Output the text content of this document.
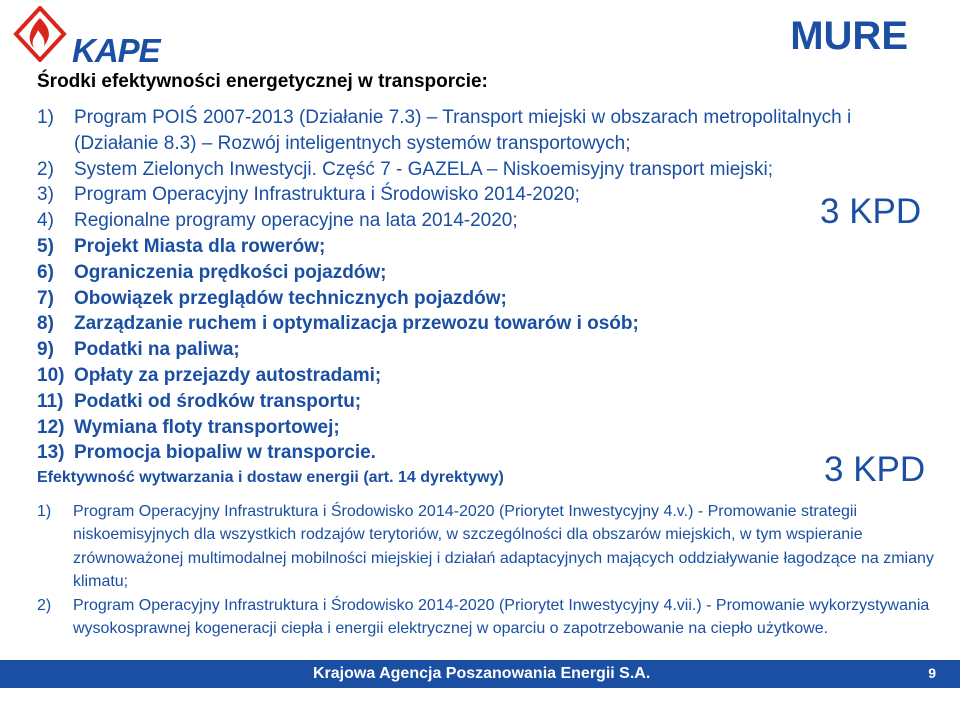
KAPE	MURE
Środki efektywności energetycznej w transporcie:
1)	Program POIŚ 2007-2013 (Działanie 7.3) – Transport miejski w obszarach metropolitalnych i (Działanie 8.3) – Rozwój inteligentnych systemów transportowych;
2)	System Zielonych Inwestycji. Część 7 - GAZELA – Niskoemisyjny transport miejski;
3)	Program Operacyjny Infrastruktura i Środowisko 2014-2020;
4)	Regionalne programy operacyjne na lata 2014-2020;
5)	Projekt Miasta dla rowerów;
6)	Ograniczenia prędkości pojazdów;
7)	Obowiązek przeglądów technicznych pojazdów;
8)	Zarządzanie ruchem i optymalizacja przewozu towarów i osób;
9)	Podatki na paliwa;
10) Opłaty za przejazdy autostradami;
11) Podatki od środków transportu;
12) Wymiana floty transportowej;
13) Promocja biopaliw w transporcie.
3 KPD
Efektywność wytwarzania i dostaw energii (art. 14 dyrektywy)	3 KPD
1)	Program Operacyjny Infrastruktura i Środowisko 2014-2020 (Priorytet Inwestycyjny 4.v.) - Promowanie strategii niskoemisyjnych dla wszystkich rodzajów terytoriów, w szczególności dla obszarów miejskich, w tym wspieranie zrównoważonej multimodalnej mobilności miejskiej i działań adaptacyjnych mających oddziaływanie łagodzące na zmiany klimatu;
2)	Program Operacyjny Infrastruktura i Środowisko 2014-2020 (Priorytet Inwestycyjny 4.vii.) - Promowanie wykorzystywania wysokosprawnej kogeneracji ciepła i energii elektrycznej w oparciu o zapotrzebowanie na ciepło użytkowe.
Krajowa Agencja Poszanowania Energii S.A.	9
